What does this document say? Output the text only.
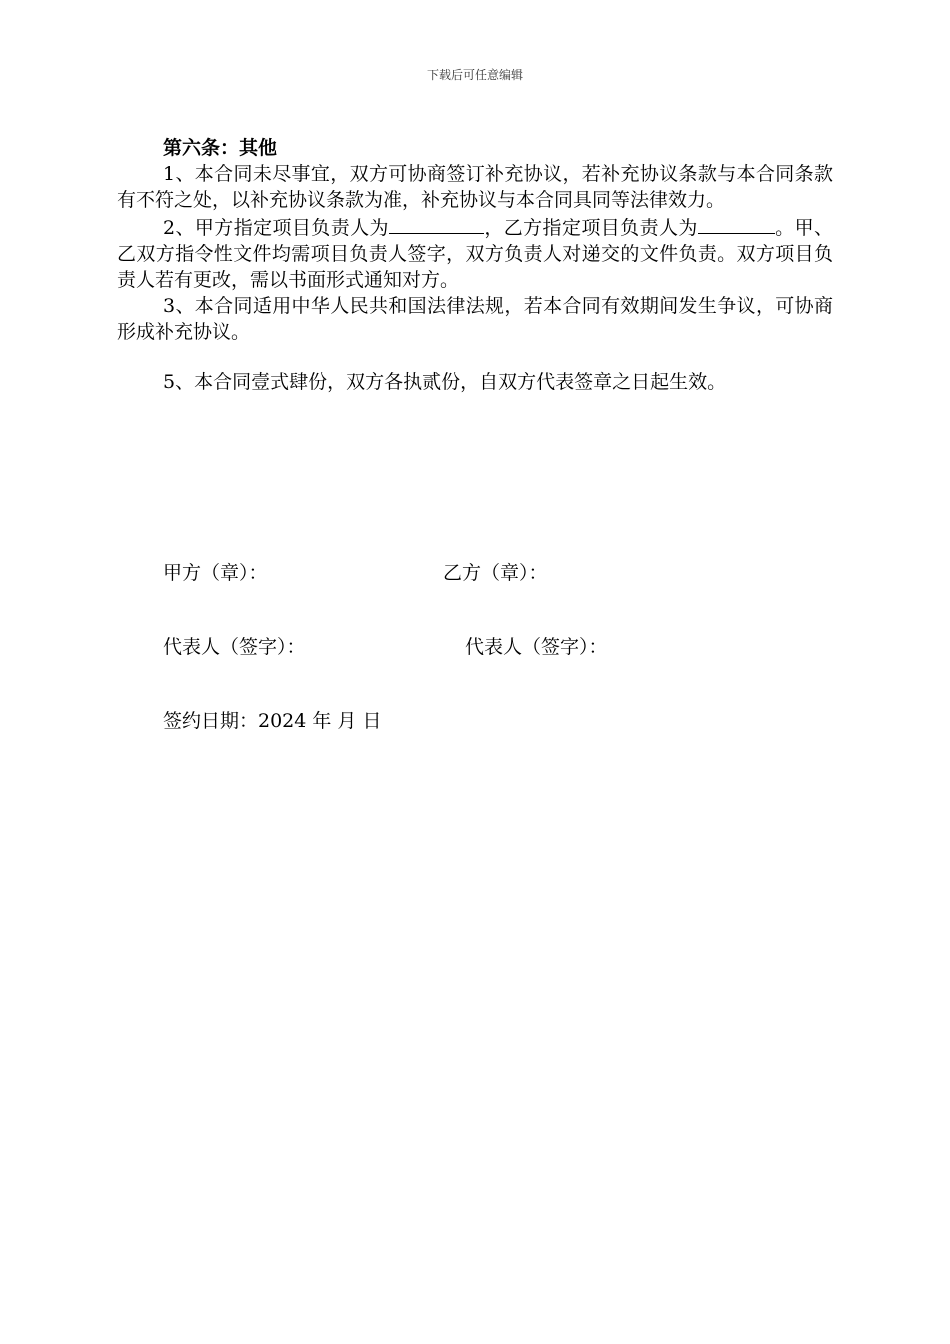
下载后可任意编辑

第六条：其他

1、本合同未尽事宜，双方可协商签订补充协议，若补充协议条款与本合同条款有不符之处，以补充协议条款为准，补充协议与本合同具同等法律效力。

2、甲方指定项目负责人为	，乙方指定项目负责人为	。甲、乙双方指令性文件均需项目负责人签字，双方负责人对递交的文件负责。双方项目负责人若有更改，需以书面形式通知对方。

3、本合同适用中华人民共和国法律法规，若本合同有效期间发生争议，可协商形成补充协议。

5、本合同壹式肆份，双方各执贰份，自双方代表签章之日起生效。

甲方（章）：	乙方（章）：
代表人（签字）：	代表人（签字）：
签约日期：2024 年 月 日
